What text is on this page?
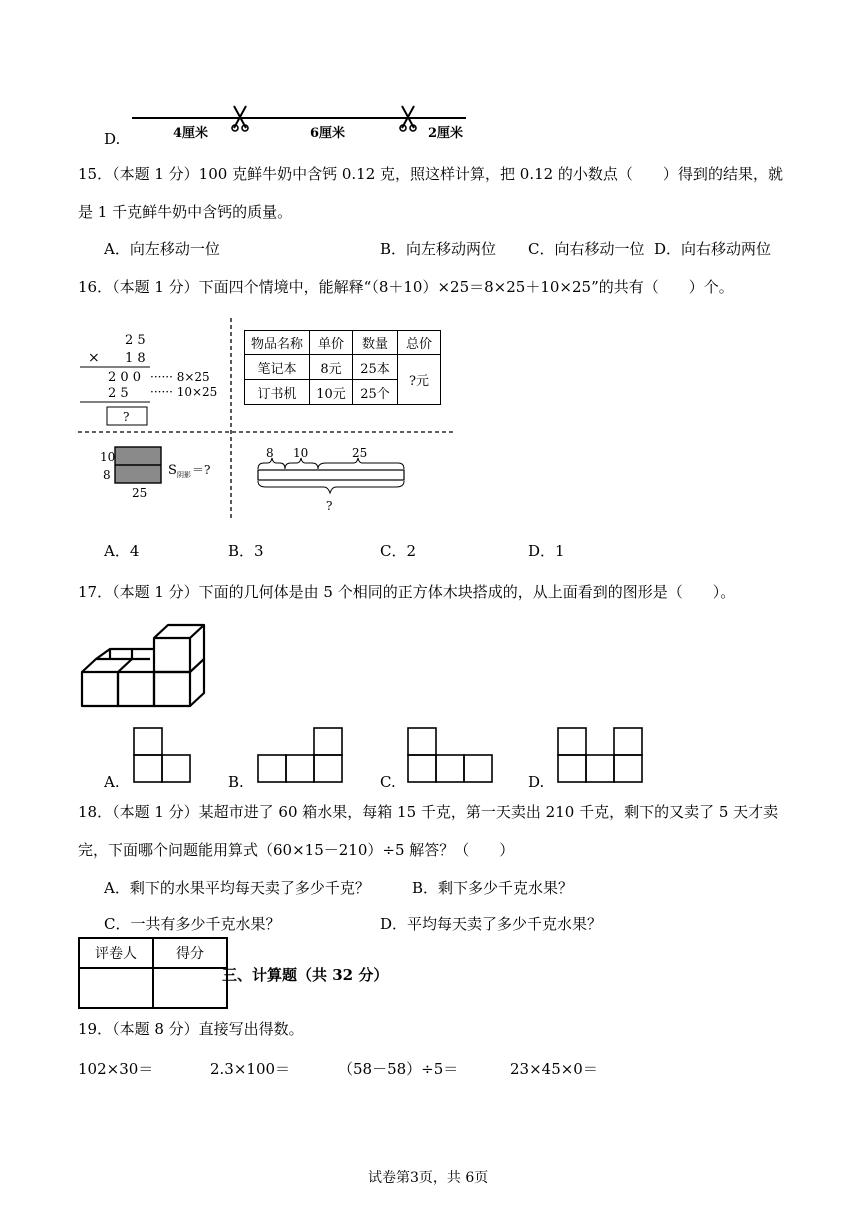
D.	4厘米	6厘米	2厘米
15．（本题 1 分）100 克鲜牛奶中含钙 0.12 克，照这样计算，把 0.12 的小数点（　　）得到的结果，就
是 1 千克鲜牛奶中含钙的质量。
A．向左移动一位	B．向左移动两位 C．向右移动一位 D．向右移动两位
16．（本题 1 分）下面四个情境中，能解释“（8＋10）×25＝8×25＋10×25”的共有（　　）个。
2 5
× 1 8
2 0 0 ······ 8×25
2 5 ······ 10×25
?
物品名称	单价	数量	总价
笔记本	8元	25本	?元
订书机	10元	25个	
10
8
25
S 阴影 ＝?
8 10	25
?
A．4	B．3	C．2	D．1
17．（本题 1 分）下面的几何体是由 5 个相同的正方体木块搭成的，从上面看到的图形是（　　）。
A.	B.	C.	D.
18．（本题 1 分）某超市进了 60 箱水果，每箱 15 千克，第一天卖出 210 千克，剩下的又卖了 5 天才卖
完，下面哪个问题能用算式（60×15－210）÷5 解答？（　　）
A．剩下的水果平均每天卖了多少千克？	B．剩下多少千克水果？
C．一共有多少千克水果？	D．平均每天卖了多少千克水果？
评卷人	得分

三、计算题（共 32 分）
19．（本题 8 分）直接写出得数。
102×30＝	2.3×100＝	（58－58）÷5＝	23×45×0＝
试卷第3页，共 6页
